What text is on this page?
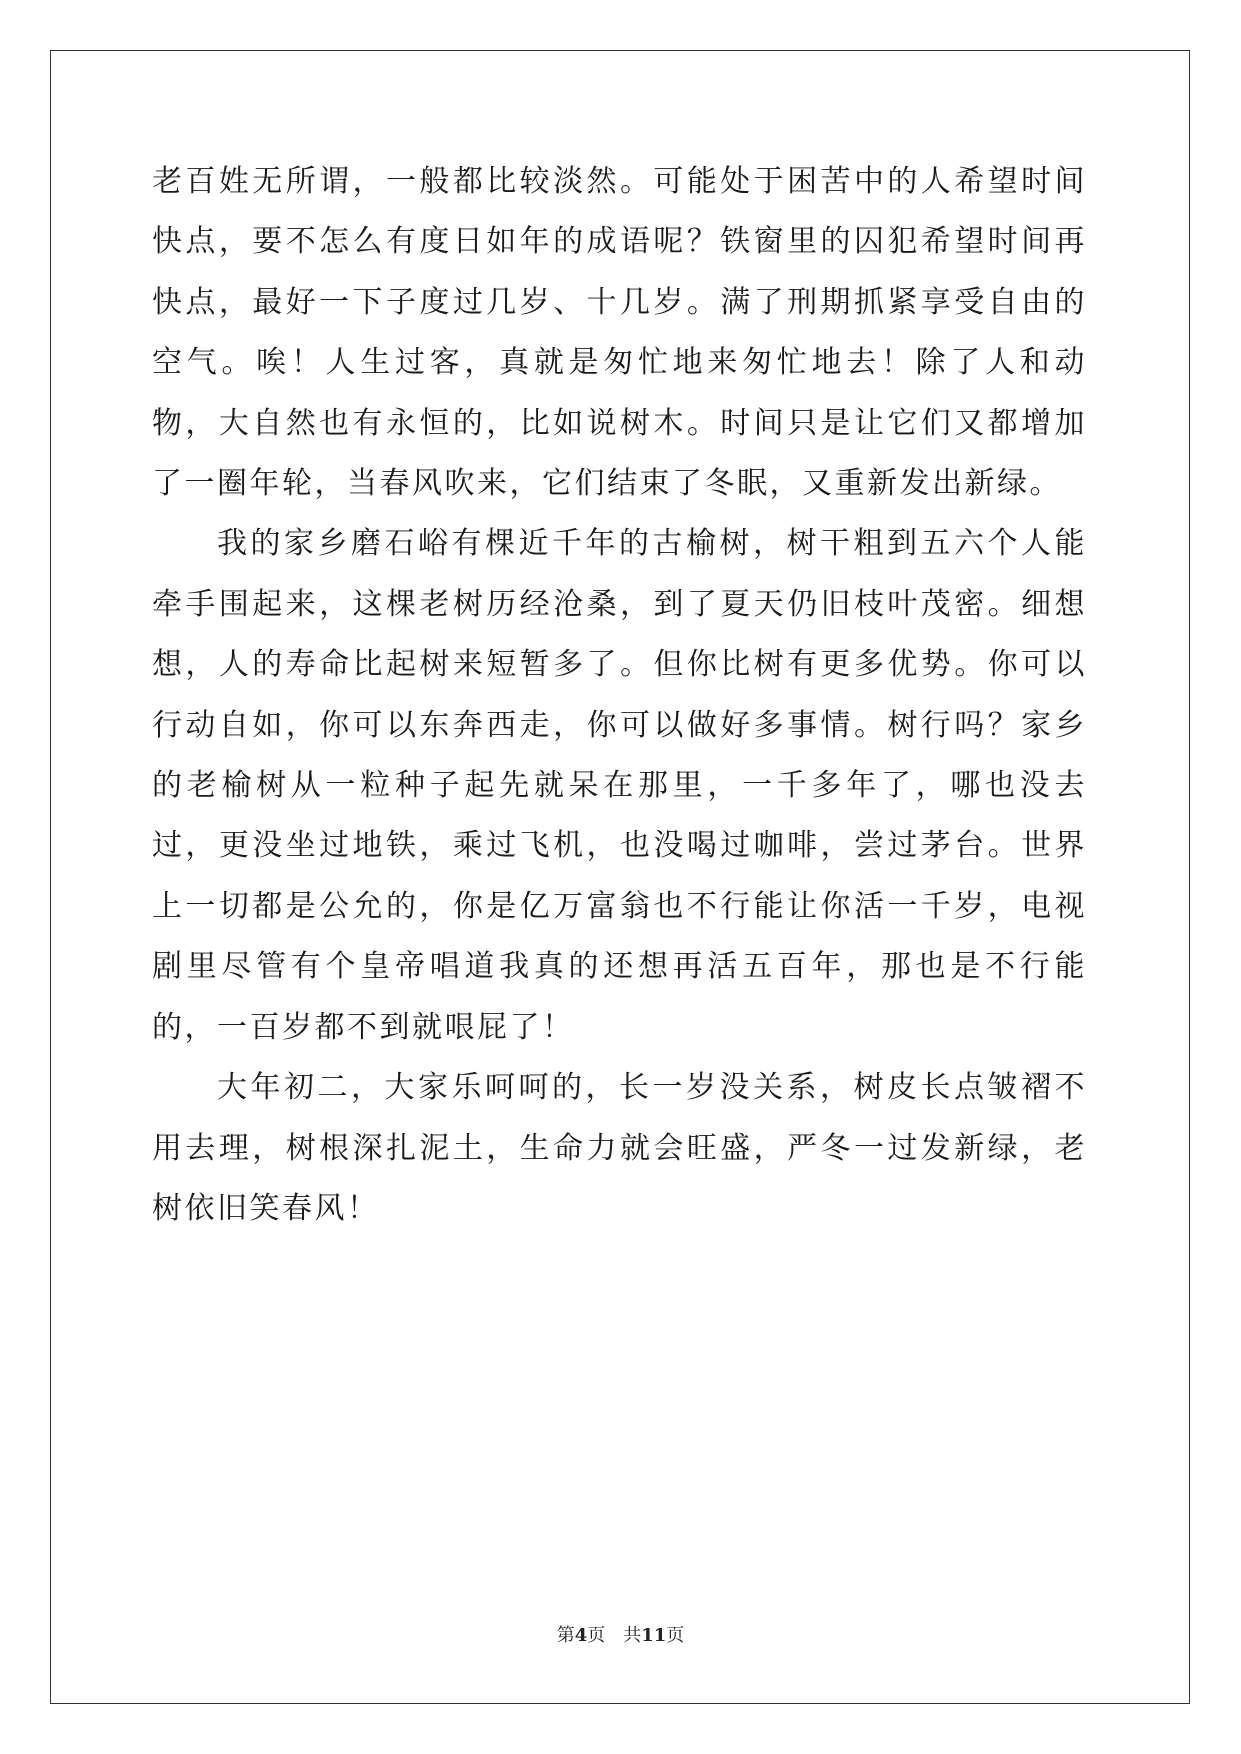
老百姓无所谓，一般都比较淡然。可能处于困苦中的人希望时间快点，要不怎么有度日如年的成语呢？铁窗里的囚犯希望时间再快点，最好一下子度过几岁、十几岁。满了刑期抓紧享受自由的空气。唉！人生过客，真就是匆忙地来匆忙地去！除了人和动物，大自然也有永恒的，比如说树木。时间只是让它们又都增加了一圈年轮，当春风吹来，它们结束了冬眠，又重新发出新绿。

我的家乡磨石峪有棵近千年的古榆树，树干粗到五六个人能牵手围起来，这棵老树历经沧桑，到了夏天仍旧枝叶茂密。细想想，人的寿命比起树来短暂多了。但你比树有更多优势。你可以行动自如，你可以东奔西走，你可以做好多事情。树行吗？家乡的老榆树从一粒种子起先就呆在那里，一千多年了，哪也没去过，更没坐过地铁，乘过飞机，也没喝过咖啡，尝过茅台。世界上一切都是公允的，你是亿万富翁也不行能让你活一千岁，电视剧里尽管有个皇帝唱道我真的还想再活五百年，那也是不行能的，一百岁都不到就哏屁了！

大年初二，大家乐呵呵的，长一岁没关系，树皮长点皱褶不用去理，树根深扎泥土，生命力就会旺盛，严冬一过发新绿，老树依旧笑春风！

第4页 共11页
